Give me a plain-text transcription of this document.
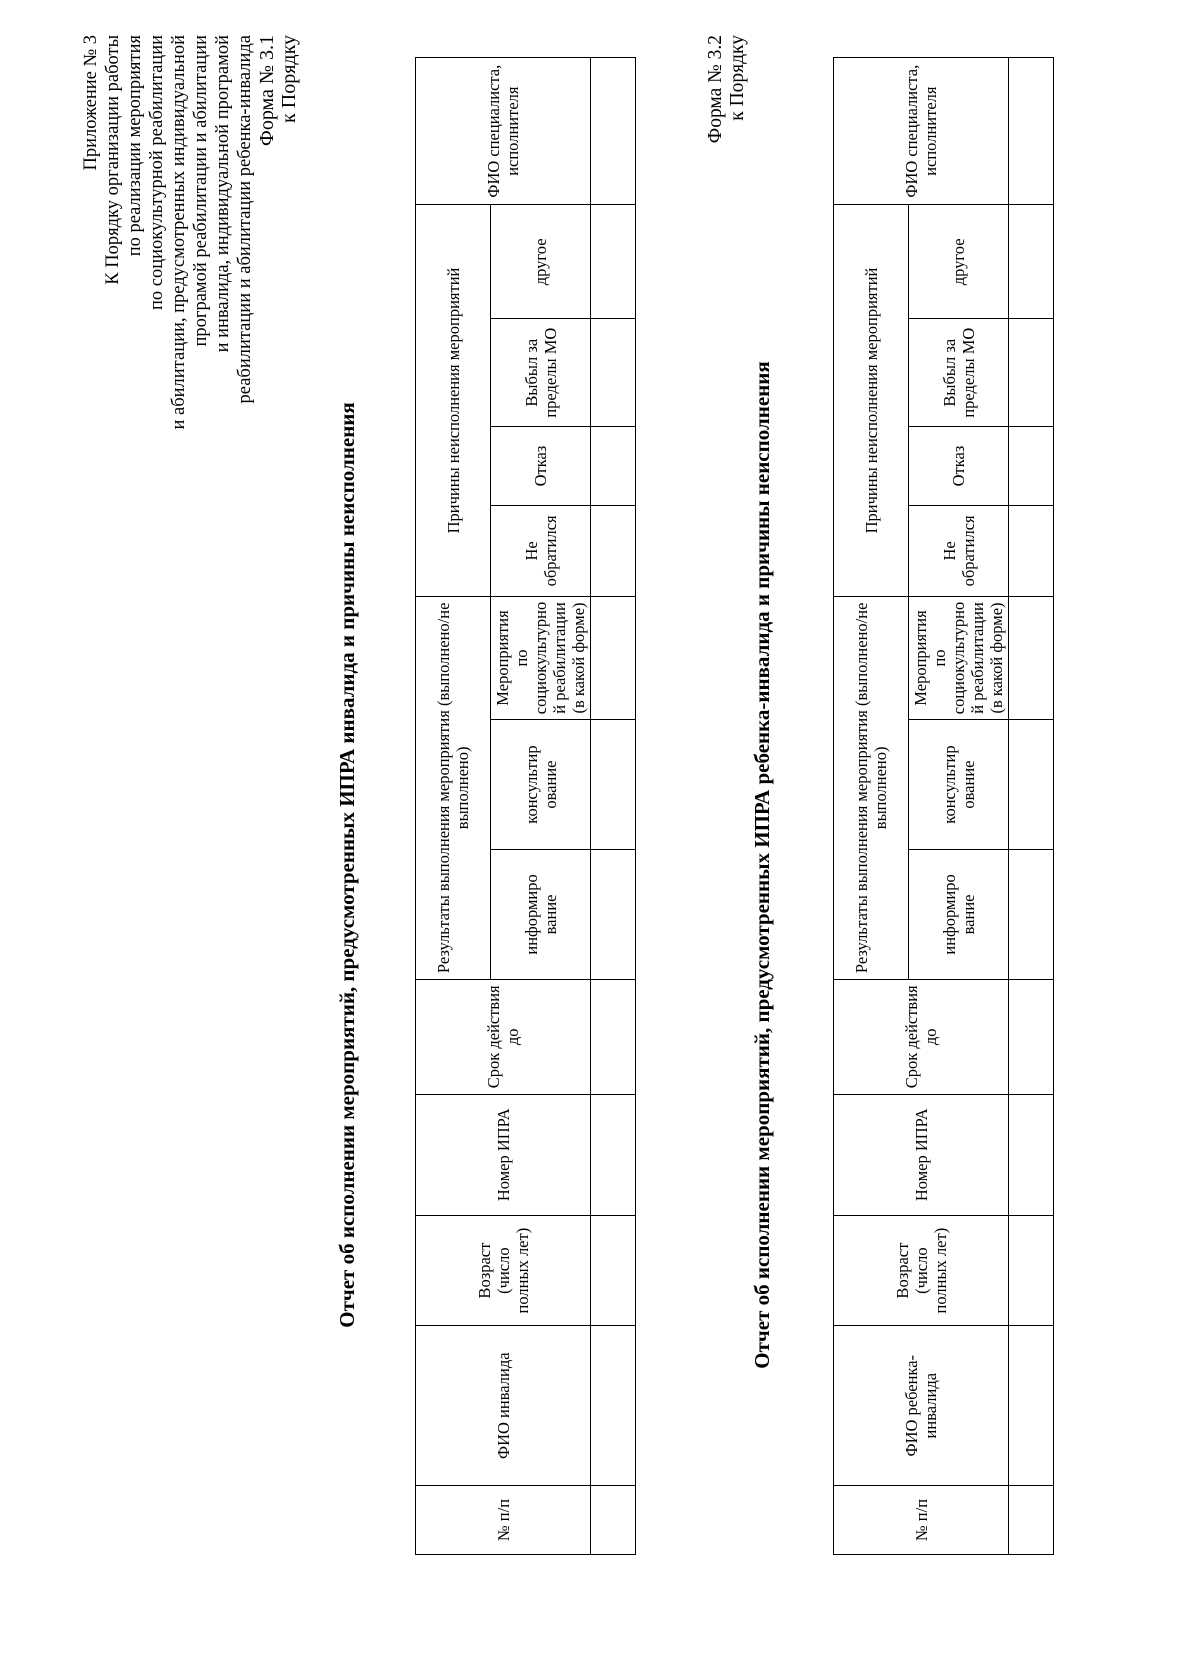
Приложение № 3 К Порядку организации работы по реализации мероприятия по социокультурной реабилитации и абилитации, предусмотренных индивидуальной програмой реабилитации и абилитации и инвалида, индивидуальной програмой реабилитации и абилитации ребенка-инвалида Форма № 3.1 к Порядку
Отчет об исполнении мероприятий, предусмотренных ИПРА инвалида и причины неисполнения
№ п/п	ФИО инвалида	Возраст (число полных лет)	Номер ИПРА	Срок действия до	Результаты выполнения мероприятия (выполнено/не выполнено)			Причины неисполнения мероприятий				ФИО специалиста, исполнителя
					информиро вание	консультир ование	Мероприятия по социокультурно й реабилитации (в какой форме)	Не обратился	Отказ	Выбыл за пределы МО	другое	

Форма № 3.2 к Порядку
Отчет об исполнении мероприятий, предусмотренных ИПРА ребенка-инвалида и причины неисполнения
№ п/п	ФИО ребенка-инвалида	Возраст (число полных лет)	Номер ИПРА	Срок действия до	Результаты выполнения мероприятия (выполнено/не выполнено)			Причины неисполнения мероприятий				ФИО специалиста, исполнителя
					информиро вание	консультир ование	Мероприятия по социокультурно й реабилитации (в какой форме)	Не обратился	Отказ	Выбыл за пределы МО	другое	
